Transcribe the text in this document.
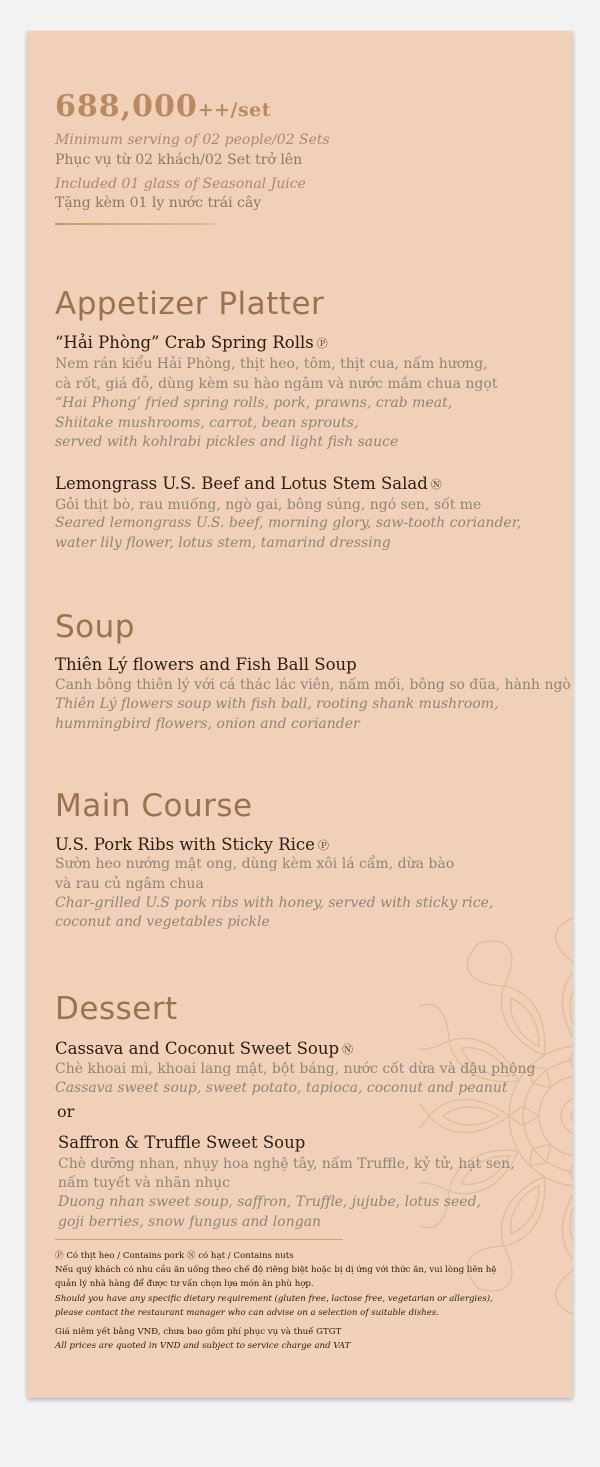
688,000++/set
Minimum serving of 02 people/02 Sets
Phục vụ từ 02 khách/02 Set trở lên
Included 01 glass of Seasonal Juice
Tặng kèm 01 ly nước trái cây
Appetizer Platter
“Hải Phòng” Crab Spring Rolls Ⓟ
Nem rán kiểu Hải Phòng, thịt heo, tôm, thịt cua, nấm hương,
cà rốt, giá đỗ, dùng kèm su hào ngâm và nước mắm chua ngọt
“Hai Phong’ fried spring rolls, pork, prawns, crab meat,
Shiitake mushrooms, carrot, bean sprouts,
served with kohlrabi pickles and light fish sauce
Lemongrass U.S. Beef and Lotus Stem Salad Ⓝ
Gỏi thịt bò, rau muống, ngò gai, bông súng, ngó sen, sốt me
Seared lemongrass U.S. beef, morning glory, saw-tooth coriander,
water lily flower, lotus stem, tamarind dressing
Soup
Thiên Lý flowers and Fish Ball Soup
Canh bông thiên lý với cá thác lác viên, nấm mối, bông so đũa, hành ngò
Thiên Lý flowers soup with fish ball, rooting shank mushroom,
hummingbird flowers, onion and coriander
Main Course
U.S. Pork Ribs with Sticky Rice Ⓟ
Sườn heo nướng mật ong, dùng kèm xôi lá cẩm, dừa bào
và rau củ ngâm chua
Char-grilled U.S pork ribs with honey, served with sticky rice,
coconut and vegetables pickle
Dessert
Cassava and Coconut Sweet Soup Ⓝ
Chè khoai mì, khoai lang mật, bột báng, nước cốt dừa và đậu phộng
Cassava sweet soup, sweet potato, tapioca, coconut and peanut
or
Saffron & Truffle Sweet Soup
Chè dưỡng nhan, nhụy hoa nghệ tây, nấm Truffle, kỷ tử, hạt sen,
nấm tuyết và nhãn nhục
Duong nhan sweet soup, saffron, Truffle, jujube, lotus seed,
goji berries, snow fungus and longan
Ⓟ Có thịt heo / Contains pork Ⓝ có hạt / Contains nuts
Nếu quý khách có nhu cầu ăn uống theo chế độ riêng biệt hoặc bị dị ứng với thức ăn, vui lòng liên hệ
quản lý nhà hàng để được tư vấn chọn lựa món ăn phù hợp.
Should you have any specific dietary requirement (gluten free, lactose free, vegetarian or allergies),
please contact the restaurant manager who can advise on a selection of suitable dishes.
Giá niêm yết bằng VNĐ, chưa bao gồm phí phục vụ và thuế GTGT
All prices are quoted in VND and subject to service charge and VAT
